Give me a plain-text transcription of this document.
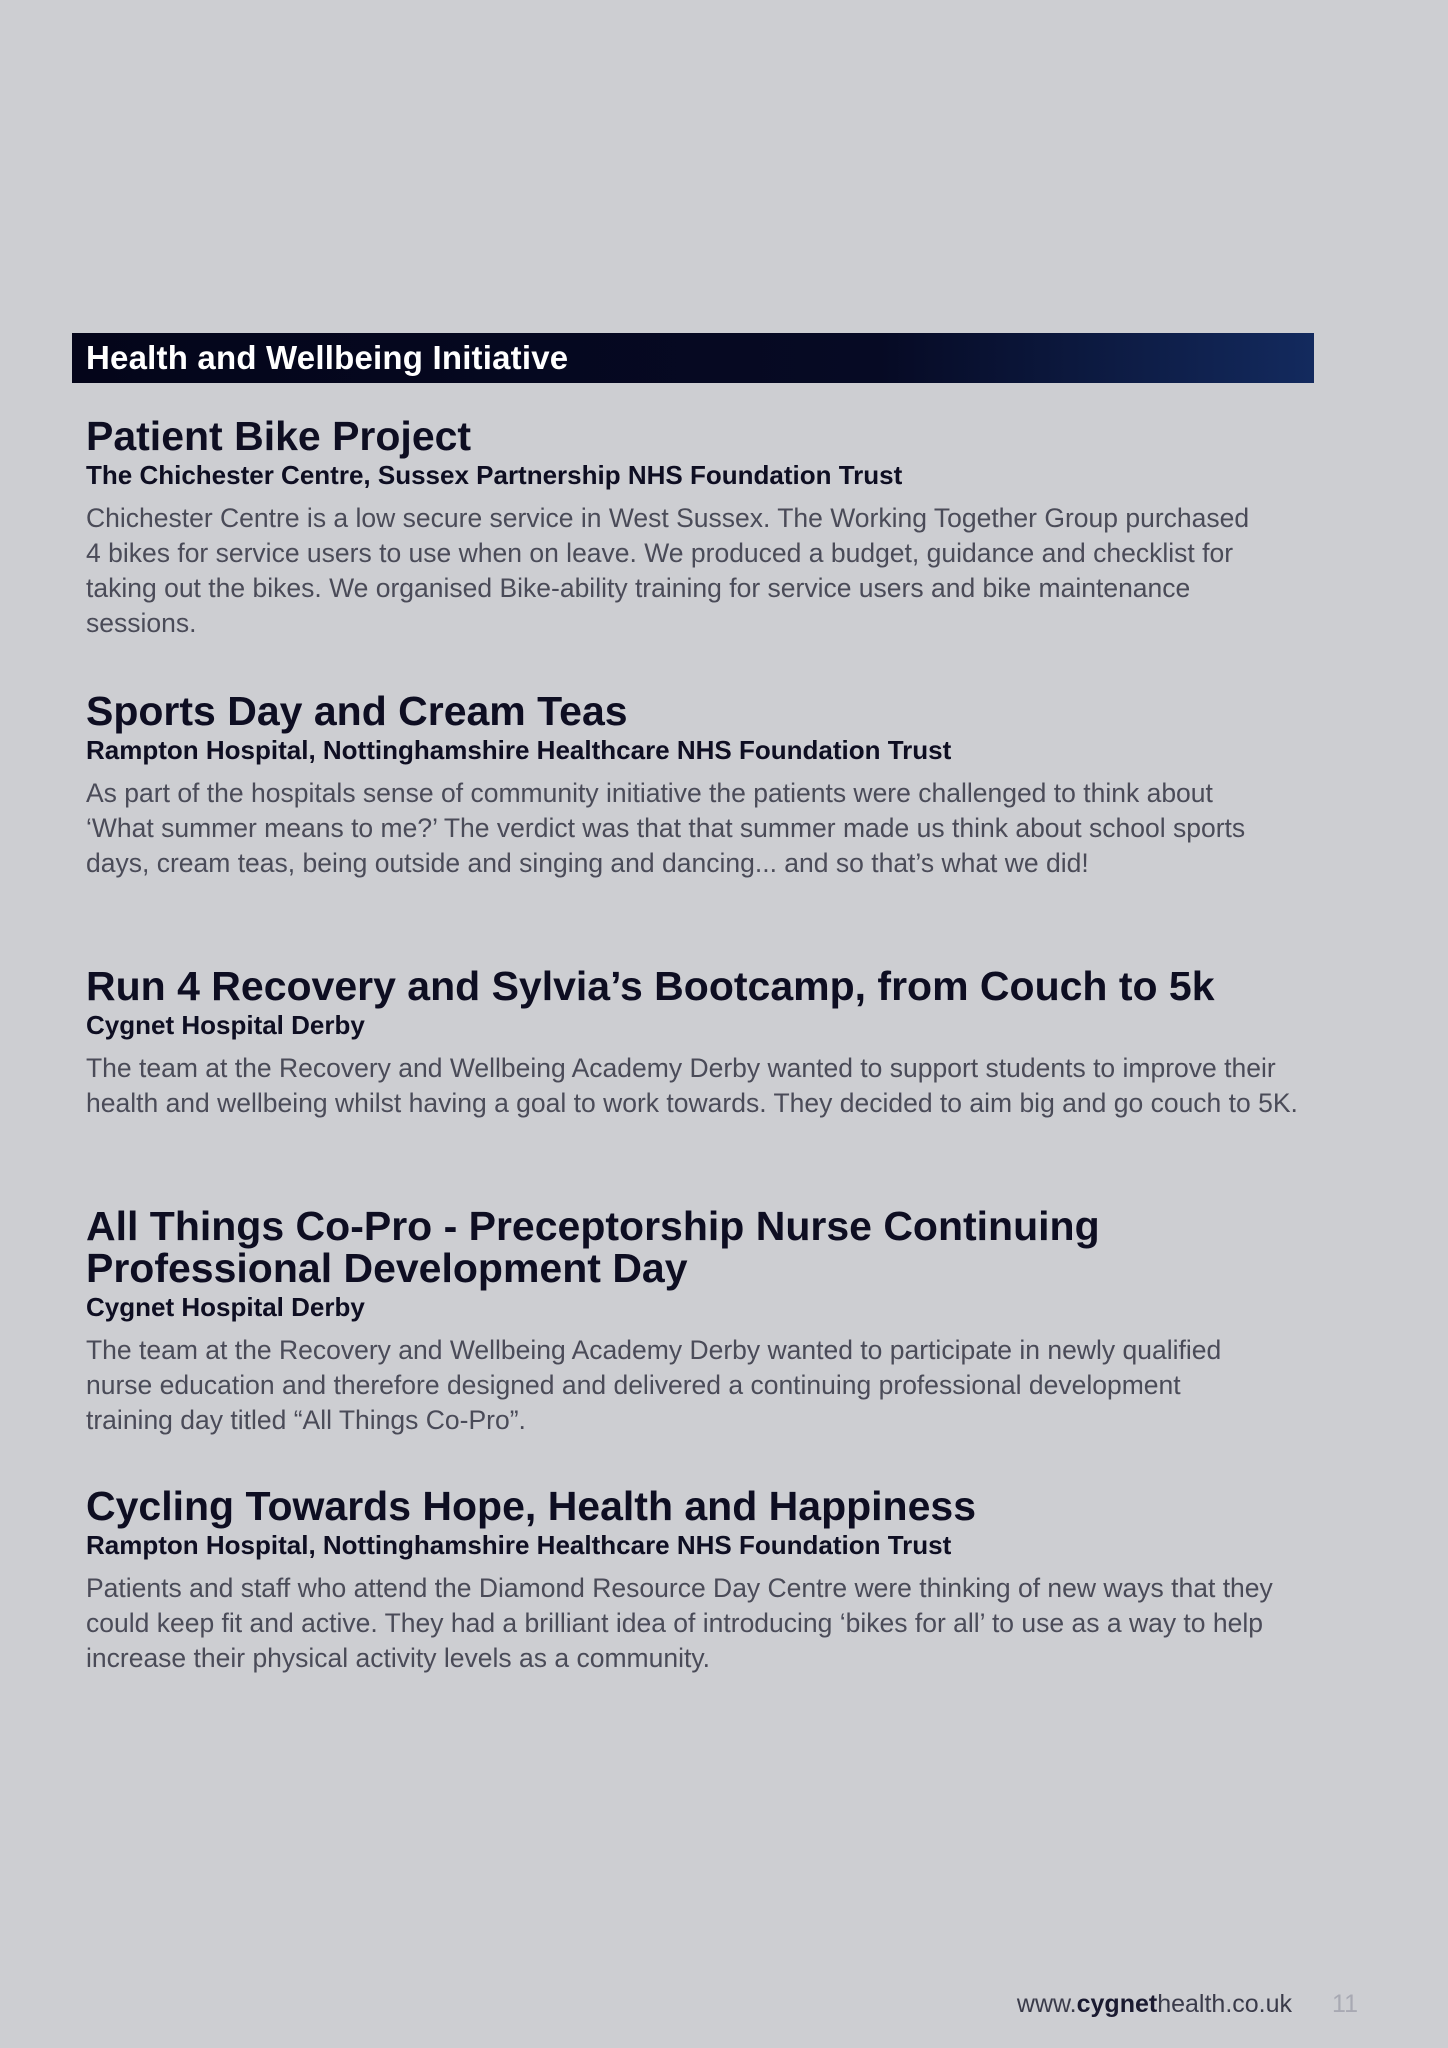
Health and Wellbeing Initiative
Patient Bike Project
The Chichester Centre, Sussex Partnership NHS Foundation Trust

Chichester Centre is a low secure service in West Sussex. The Working Together Group purchased 4 bikes for service users to use when on leave. We produced a budget, guidance and checklist for taking out the bikes. We organised Bike-ability training for service users and bike maintenance sessions.

Sports Day and Cream Teas
Rampton Hospital, Nottinghamshire Healthcare NHS Foundation Trust

As part of the hospitals sense of community initiative the patients were challenged to think about ‘What summer means to me?’ The verdict was that that summer made us think about school sports days, cream teas, being outside and singing and dancing... and so that’s what we did!

Run 4 Recovery and Sylvia’s Bootcamp, from Couch to 5k
Cygnet Hospital Derby

The team at the Recovery and Wellbeing Academy Derby wanted to support students to improve their health and wellbeing whilst having a goal to work towards. They decided to aim big and go couch to 5K.

All Things Co-Pro - Preceptorship Nurse Continuing Professional Development Day
Cygnet Hospital Derby

The team at the Recovery and Wellbeing Academy Derby wanted to participate in newly qualified nurse education and therefore designed and delivered a continuing professional development training day titled “All Things Co-Pro”.

Cycling Towards Hope, Health and Happiness
Rampton Hospital, Nottinghamshire Healthcare NHS Foundation Trust

Patients and staff who attend the Diamond Resource Day Centre were thinking of new ways that they could keep fit and active. They had a brilliant idea of introducing ‘bikes for all’ to use as a way to help increase their physical activity levels as a community.

www.cygnethealth.co.uk 11
